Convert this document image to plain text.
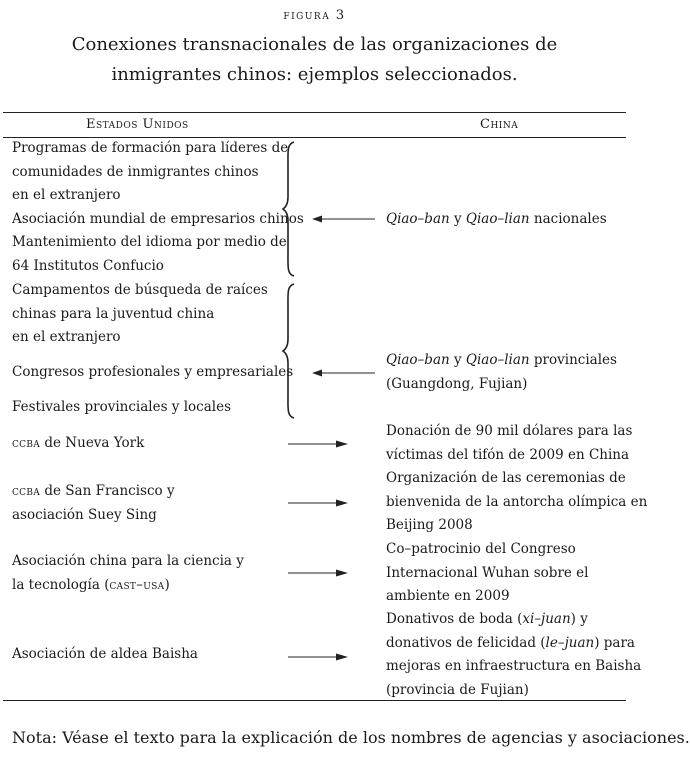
figura 3
Conexiones transnacionales de las organizaciones de
inmigrantes chinos: ejemplos seleccionados.
Estados Unidos	China
Programas de formación para líderes de
comunidades de inmigrantes chinos
en el extranjero
Asociación mundial de empresarios chinos
Mantenimiento del idioma por medio de
64 Institutos Confucio
Qiao–ban y Qiao–lian nacionales
Campamentos de búsqueda de raíces
chinas para la juventud china
en el extranjero
Congresos profesionales y empresariales
Festivales provinciales y locales
Qiao–ban y Qiao–lian provinciales
(Guangdong, Fujian)
ccba de Nueva York
Donación de 90 mil dólares para las
víctimas del tifón de 2009 en China
ccba de San Francisco y
asociación Suey Sing
Organización de las ceremonias de
bienvenida de la antorcha olímpica en
Beijing 2008
Asociación china para la ciencia y
la tecnología (cast–usa)
Co–patrocinio del Congreso
Internacional Wuhan sobre el
ambiente en 2009
Asociación de aldea Baisha
Donativos de boda (xi–juan) y
donativos de felicidad (le–juan) para
mejoras en infraestructura en Baisha
(provincia de Fujian)
Nota: Véase el texto para la explicación de los nombres de agencias y asociaciones.
